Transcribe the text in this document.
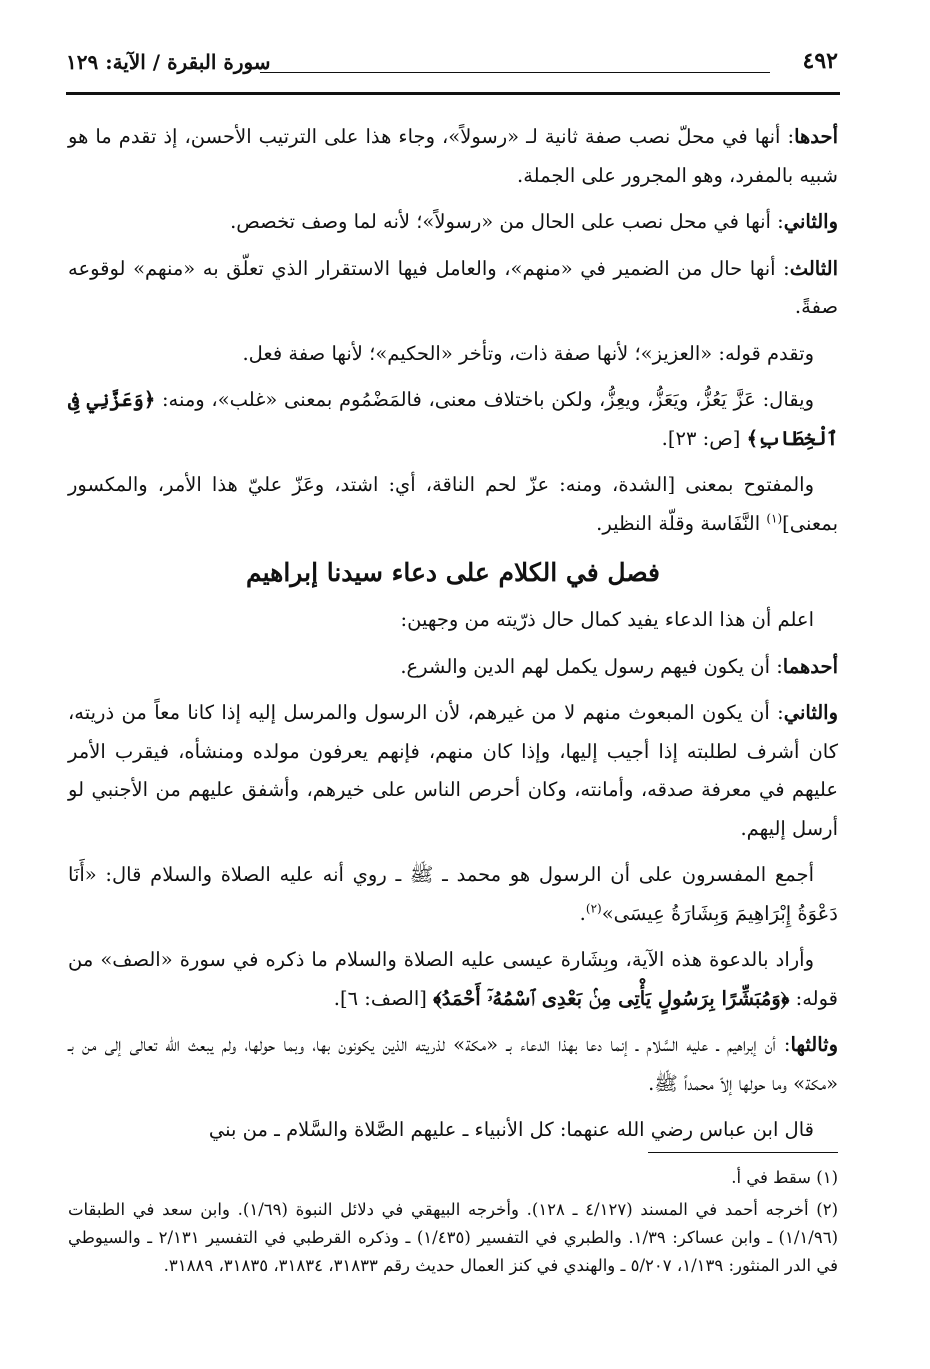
٤٩٢
سورة البقرة / الآية: ١٢٩

أحدها: أنها في محلّ نصب صفة ثانية لـ «رسولاً»، وجاء هذا على الترتيب الأحسن، إذ تقدم ما هو شبيه بالمفرد، وهو المجرور على الجملة.

والثاني: أنها في محل نصب على الحال من «رسولاً»؛ لأنه لما وصف تخصص.

الثالث: أنها حال من الضمير في «منهم»، والعامل فيها الاستقرار الذي تعلّق به «منهم» لوقوعه صفةً.

وتقدم قوله: «العزيز»؛ لأنها صفة ذات، وتأخر «الحكيم»؛ لأنها صفة فعل.

ويقال: عَزَّ يَعُزُّ، ويَعَزُّ، ويعِزُّ، ولكن باختلاف معنى، فالمَضْمُوم بمعنى «غلب»، ومنه: ﴿وَعَزَّنِي فِى ٱلْخِطَابِ﴾ [ص: ٢٣].

والمفتوح بمعنى [الشدة، ومنه: عزّ لحم الناقة، أي: اشتد، وعَزّ عليّ هذا الأمر، والمكسور بمعنى]$^{(١)}$ النَّفَاسة وقلّة النظير.

فصل في الكلام على دعاء سيدنا إبراهيم

اعلم أن هذا الدعاء يفيد كمال حال ذرّيته من وجهين:

أحدهما: أن يكون فيهم رسول يكمل لهم الدين والشرع.

والثاني: أن يكون المبعوث منهم لا من غيرهم، لأن الرسول والمرسل إليه إذا كانا معاً من ذريته، كان أشرف لطلبته إذا أجيب إليها، وإذا كان منهم، فإنهم يعرفون مولده ومنشأه، فيقرب الأمر عليهم في معرفة صدقه، وأمانته، وكان أحرص الناس على خيرهم، وأشفق عليهم من الأجنبي لو أرسل إليهم.

أجمع المفسرون على أن الرسول هو محمد ـ ﷺ ـ روي أنه عليه الصلاة والسلام قال: «أَنَا دَعْوَةُ إِبْرَاهِيمَ وَبِشَارَةُ عِيسَى»$^{(٢)}$.

وأراد بالدعوة هذه الآية، وبِشَارة عيسى عليه الصلاة والسلام ما ذكره في سورة «الصف» من قوله: ﴿وَمُبَشِّرًا بِرَسُولٍ يَأْتِى مِنۢ بَعْدِى ٱسْمُهُۥٓ أَحْمَدُ﴾ [الصف: ٦].

وثالثها: أن إبراهيم ـ عليه السَّلام ـ إنما دعا بهذا الدعاء بـ «مكة» لذريته الذين يكونون بها، وبما حولها، ولم يبعث الله تعالى إلى من بـ «مكة» وما حولها إلاّ محمداً ﷺ.

قال ابن عباس رضي الله عنهما: كل الأنبياء ـ عليهم الصَّلاة والسَّلام ـ من بني

(١) سقط في أ.

(٢) أخرجه أحمد في المسند (٤/١٢٧ ـ ١٢٨). وأخرجه البيهقي في دلائل النبوة (١/٦٩). وابن سعد في الطبقات (١/١/٩٦) ـ وابن عساكر: ١/٣٩. والطبري في التفسير (١/٤٣٥) ـ وذكره القرطبي في التفسير ٢/١٣١ ـ والسيوطي في الدر المنثور: ١/١٣٩، ٥/٢٠٧ ـ والهندي في كنز العمال حديث رقم ٣١٨٣٣، ٣١٨٣٤، ٣١٨٣٥، ٣١٨٨٩.
